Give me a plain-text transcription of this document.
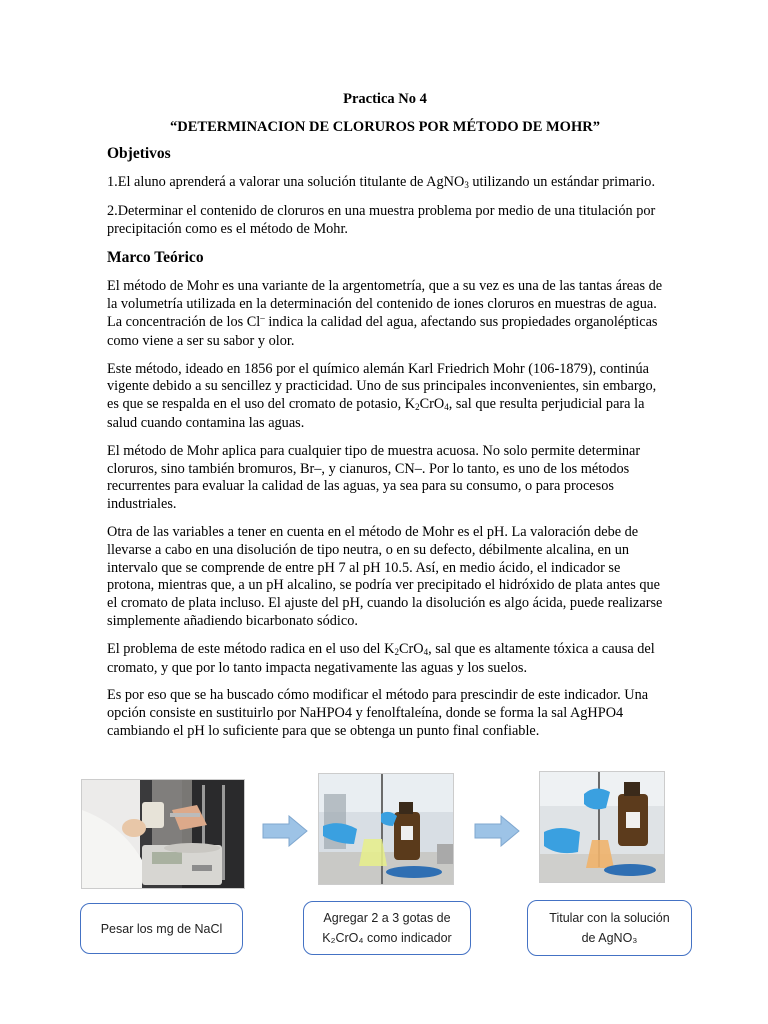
Practica No 4

“DETERMINACION DE CLORUROS POR MÉTODO DE MOHR”

Objetivos

1.El aluno aprenderá a valorar una solución titulante de AgNO$_3$ utilizando un estándar primario.

2.Determinar el contenido de cloruros en una muestra problema por medio de una titulación por precipitación como es el método de Mohr.

Marco Teórico

El método de Mohr es una variante de la argentometría, que a su vez es una de las tantas áreas de la volumetría utilizada en la determinación del contenido de iones cloruros en muestras de agua. La concentración de los Cl– indica la calidad del agua, afectando sus propiedades organolépticas como viene a ser su sabor y olor.

Este método, ideado en 1856 por el químico alemán Karl Friedrich Mohr (106-1879), continúa vigente debido a su sencillez y practicidad. Uno de sus principales inconvenientes, sin embargo, es que se respalda en el uso del cromato de potasio, $K_2CrO_4$, sal que resulta perjudicial para la salud cuando contamina las aguas.

El método de Mohr aplica para cualquier tipo de muestra acuosa. No solo permite determinar cloruros, sino también bromuros, Br–, y cianuros, CN–. Por lo tanto, es uno de los métodos recurrentes para evaluar la calidad de las aguas, ya sea para su consumo, o para procesos industriales.

Otra de las variables a tener en cuenta en el método de Mohr es el pH. La valoración debe de llevarse a cabo en una disolución de tipo neutra, o en su defecto, débilmente alcalina, en un intervalo que se comprende de entre pH 7 al pH 10.5. Así, en medio ácido, el indicador se protona, mientras que, a un pH alcalino, se podría ver precipitado el hidróxido de plata antes que el cromato de plata incluso. El ajuste del pH, cuando la disolución es algo ácida, puede realizarse simplemente añadiendo bicarbonato sódico.

El problema de este método radica en el uso del $K_2CrO_4$, sal que es altamente tóxica a causa del cromato, y que por lo tanto impacta negativamente las aguas y los suelos.

Es por eso que se ha buscado cómo modificar el método para prescindir de este indicador. Una opción consiste en sustituirlo por NaHPO4 y fenolftaleína, donde se forma la sal AgHPO4 cambiando el pH lo suficiente para que se obtenga un punto final confiable.

Pesar los mg de NaCl
Agregar 2 a 3 gotas de
K₂CrO₄ como indicador
Titular con la solución
de AgNO₃
